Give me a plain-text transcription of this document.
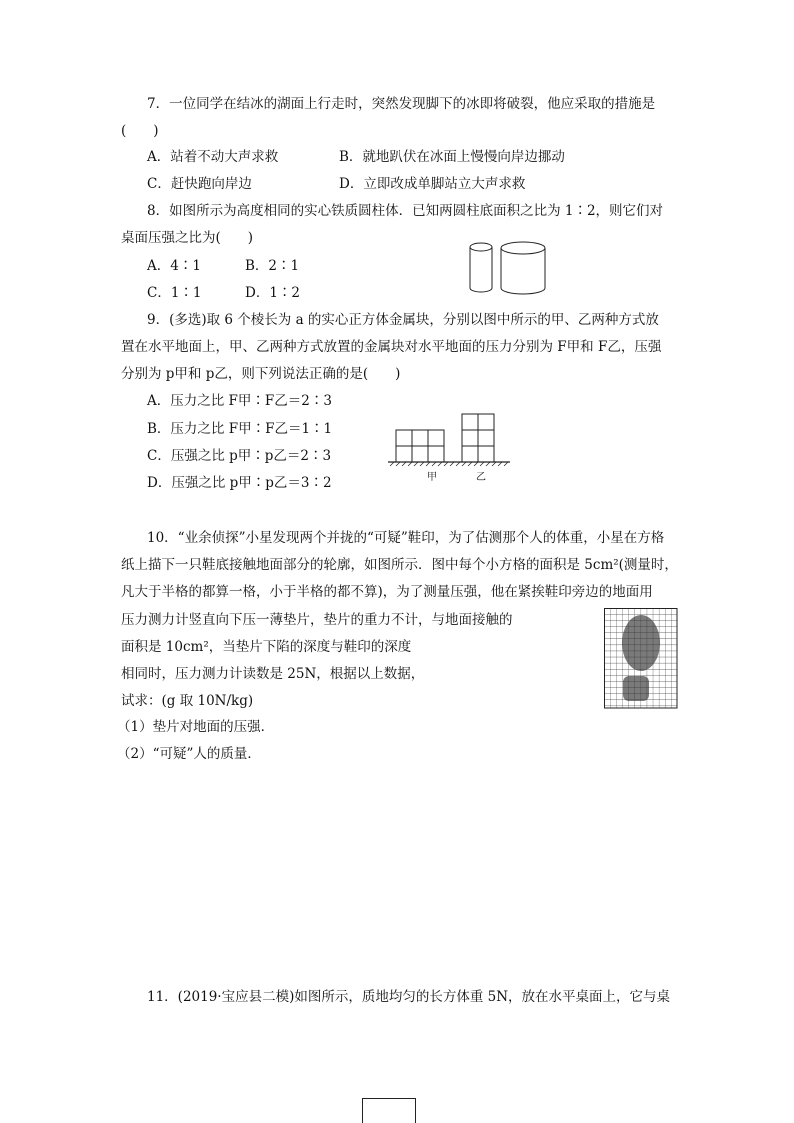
7．一位同学在结冰的湖面上行走时，突然发现脚下的冰即将破裂，他应采取的措施是
(　　)
A．站着不动大声求救	B．就地趴伏在冰面上慢慢向岸边挪动
C．赶快跑向岸边	D．立即改成单脚站立大声求救
8．如图所示为高度相同的实心铁质圆柱体．已知两圆柱底面积之比为 1∶2，则它们对
桌面压强之比为(　　)
A．4∶1	B．2∶1
C．1∶1	D．1∶2
9．(多选)取 6 个棱长为 a 的实心正方体金属块，分别以图中所示的甲、乙两种方式放
置在水平地面上，甲、乙两种方式放置的金属块对水平地面的压力分别为 F甲和 F乙，压强
分别为 p甲和 p乙，则下列说法正确的是(　　)
A．压力之比 F甲∶F乙＝2∶3
B．压力之比 F甲∶F乙＝1∶1
C．压强之比 p甲∶p乙＝2∶3
D．压强之比 p甲∶p乙＝3∶2	甲	乙
10．“业余侦探”小星发现两个并拢的“可疑”鞋印，为了估测那个人的体重，小星在方格
纸上描下一只鞋底接触地面部分的轮廓，如图所示．图中每个小方格的面积是 5cm²(测量时，
凡大于半格的都算一格，小于半格的都不算)，为了测量压强，他在紧挨鞋印旁边的地面用
压力测力计竖直向下压一薄垫片，垫片的重力不计，与地面接触的
面积是 10cm²，当垫片下陷的深度与鞋印的深度
相同时，压力测力计读数是 25N，根据以上数据，
试求：(g 取 10N/kg)
（1）垫片对地面的压强．
（2）“可疑”人的质量．
11．(2019·宝应县二模)如图所示，质地均匀的长方体重 5N，放在水平桌面上，它与桌
